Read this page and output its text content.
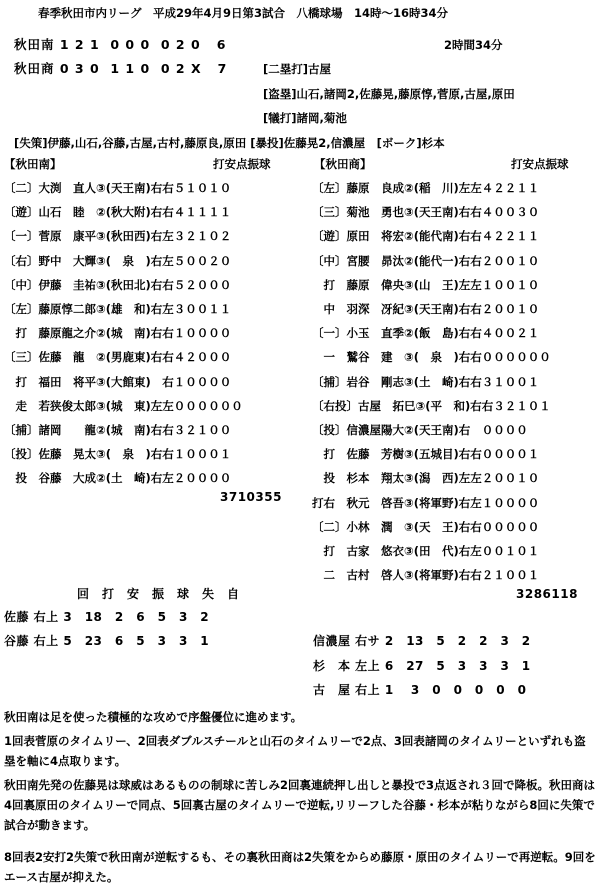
春季秋田市内リーグ　平成29年4月9日第3試合　八橋球場　14時～16時34分
秋田南 1 2 1  0 0 0  0 2 0   6	2時間34分
秋田商 0 3 0  1 1 0  0 2 X   7	[二塁打]古屋
[盗塁]山石,諸岡2,佐藤晃,藤原惇,菅原,古屋,原田
[犠打]諸岡,菊池
[失策]伊藤,山石,谷藤,古屋,古村,藤原良,原田 [暴投]佐藤晃2,信濃屋　[ボーク]杉本
【秋田南】	打安点振球
〔二〕大渕　直人③(天王南)右右５１０１０
〔遊〕山石　睦　②(秋大附)右右４１１１１
〔一〕菅原　康平③(秋田西)右左３２１０２
〔右〕野中　大輝③(　泉　)右左５００２０
〔中〕伊藤　圭祐③(秋田北)右右５２０００
〔左〕藤原惇二郎③(雄　和)右左３００１１
　打　藤原龍之介②(城　南)右右１００００
〔三〕佐藤　龍　②(男鹿東)右右４２０００
　打　福田　将平③(大館東)　右１００００
　走　若狭俊太郎③(城　東)左左００００００
〔捕〕諸岡　　龍②(城　南)右右３２１００
〔投〕佐藤　晃太③(　泉　)右右１０００１
　投　谷藤　大成②(土　崎)右左２００００
3710355
【秋田商】	打安点振球
〔左〕藤原　良成②(稲　川)左左４２２１１
〔三〕菊池　勇也③(天王南)右右４００３０
〔遊〕原田　将宏②(能代南)右右４２２１１
〔中〕宮腰　昴汰②(能代一)右右２００１０
　打　藤原　偉央③(山　王)左左１００１０
　中　羽深　冴紀③(天王南)右右２００１０
〔一〕小玉　直季②(飯　島)右右４００２１
　一　鷲谷　建　③(　泉　)右右００００００
〔捕〕岩谷　剛志③(土　崎)右右３１００１
〔右投〕古屋　拓巳③(平　和)右右３２１０１
〔投〕信濃屋陽大②(天王南)右　００００
　打　佐藤　芳樹③(五城目)右右００００１
　投　杉本　翔太③(潟　西)左左２００１０
打右　秋元　啓吾③(将軍野)右左１００００
〔二〕小林　潤　③(天　王)右右０００００
　打　古家　悠衣③(田　代)右左００１０１
　二　古村　啓人③(将軍野)右右２１００１
3286118
回　打　安　振　球　失　自
佐藤 右上 3　18　2　6　5　3　2
谷藤 右上 5　23　6　5　3　3　1	信濃屋 右サ 2　13　5　2　2　3　2
杉　本 左上 6　27　5　3　3　3　1
古　屋 右上 1　 3　0　0　0　0　0
秋田南は足を使った積極的な攻めで序盤優位に進めます。
1回表菅原のタイムリー、2回表ダブルスチールと山石のタイムリーで2点、3回表諸岡のタイムリーといずれも盗塁を軸に4点取ります。
秋田南先発の佐藤晃は球威はあるものの制球に苦しみ2回裏連続押し出しと暴投で3点返され３回で降板。秋田商は4回裏原田のタイムリーで同点、5回裏古屋のタイムリーで逆転,リリーフした谷藤・杉本が粘りながら8回に失策で試合が動きます。
8回表2安打2失策で秋田南が逆転するも、その裏秋田商は2失策をからめ藤原・原田のタイムリーで再逆転。9回をエース古屋が抑えた。
